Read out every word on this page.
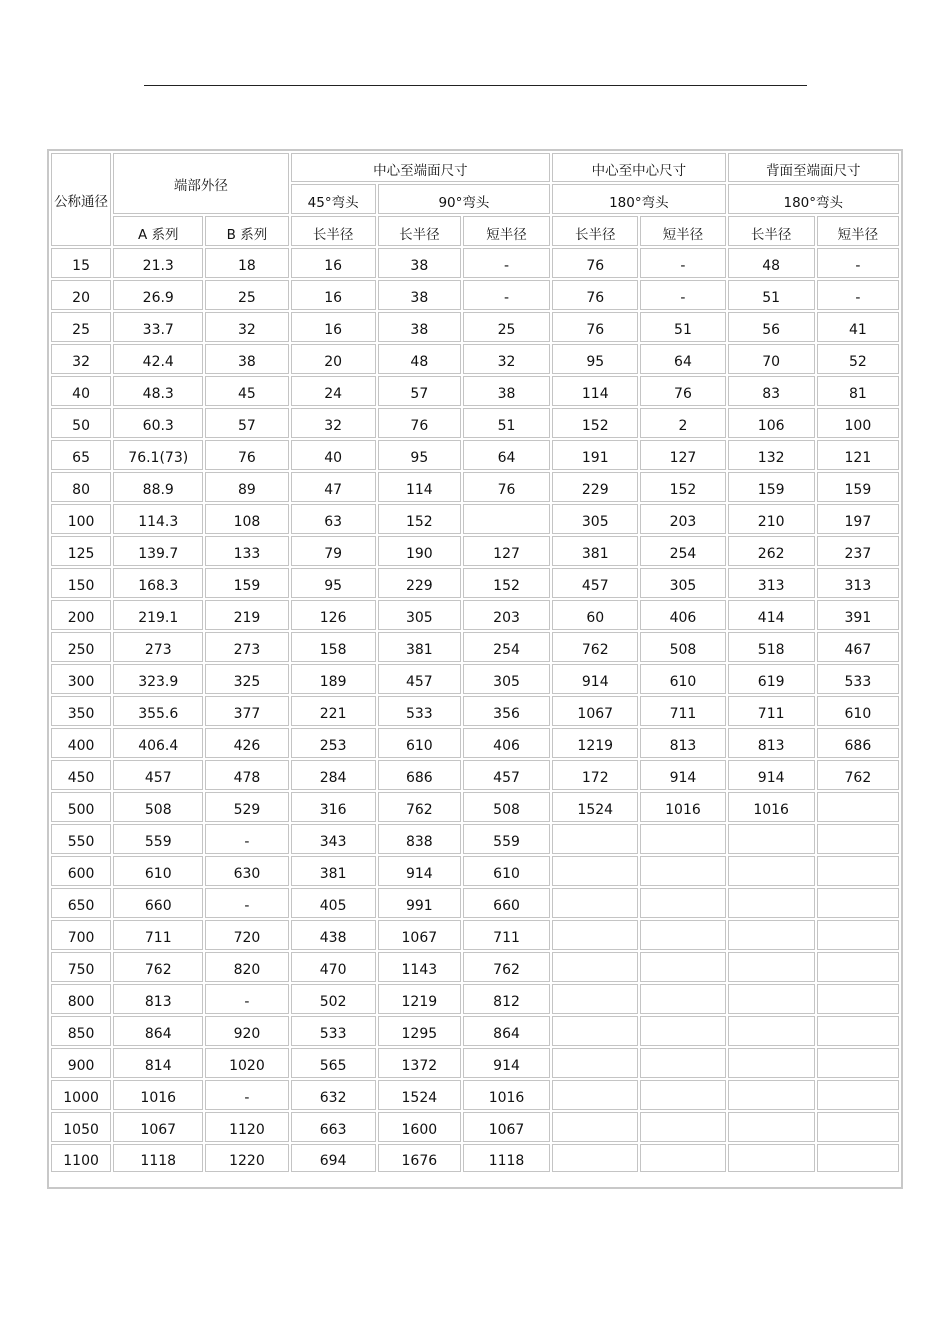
公称通径	端部外径		中心至端面尺寸			中心至中心尺寸		背面至端面尺寸	
			45°弯头	90°弯头		180°弯头		180°弯头	
	A 系列	B 系列	长半径	长半径	短半径	长半径	短半径	长半径	短半径
15	21.3	18	16	38	-	76	-	48	-
20	26.9	25	16	38	-	76	-	51	-
25	33.7	32	16	38	25	76	51	56	41
32	42.4	38	20	48	32	95	64	70	52
40	48.3	45	24	57	38	114	76	83	81
50	60.3	57	32	76	51	152	2	106	100
65	76.1(73)	76	40	95	64	191	127	132	121
80	88.9	89	47	114	76	229	152	159	159
100	114.3	108	63	152		305	203	210	197
125	139.7	133	79	190	127	381	254	262	237
150	168.3	159	95	229	152	457	305	313	313
200	219.1	219	126	305	203	60	406	414	391
250	273	273	158	381	254	762	508	518	467
300	323.9	325	189	457	305	914	610	619	533
350	355.6	377	221	533	356	1067	711	711	610
400	406.4	426	253	610	406	1219	813	813	686
450	457	478	284	686	457	172	914	914	762
500	508	529	316	762	508	1524	1016	1016	
550	559	-	343	838	559				
600	610	630	381	914	610				
650	660	-	405	991	660				
700	711	720	438	1067	711				
750	762	820	470	1143	762				
800	813	-	502	1219	812				
850	864	920	533	1295	864				
900	814	1020	565	1372	914				
1000	1016	-	632	1524	1016				
1050	1067	1120	663	1600	1067				
1100	1118	1220	694	1676	1118				
